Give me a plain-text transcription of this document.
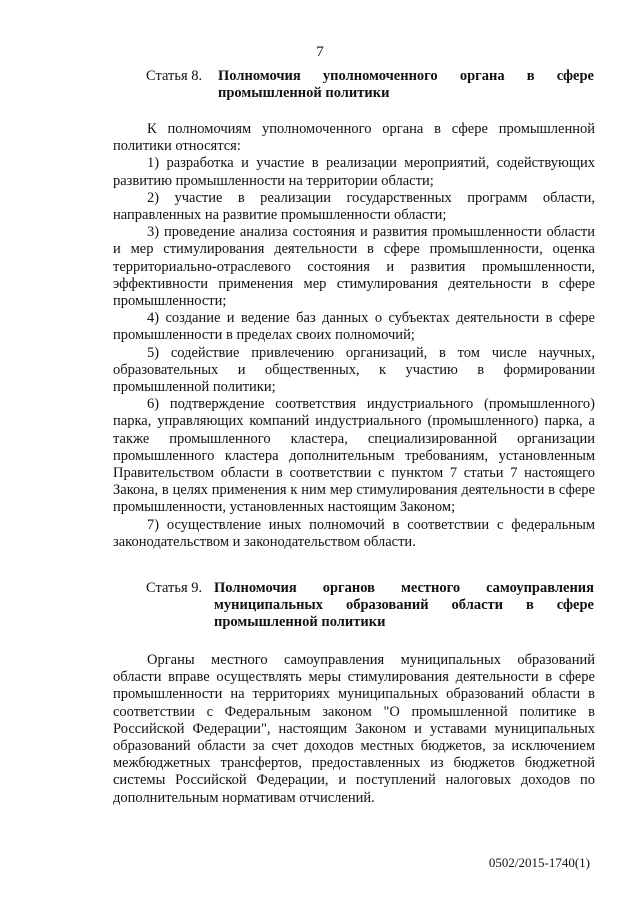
7
Статья 8. Полномочия уполномоченного органа в сфере промышленной политики

К полномочиям уполномоченного органа в сфере промышленной политики относятся:

1) разработка и участие в реализации мероприятий, содействующих развитию промышленности на территории области;

2) участие в реализации государственных программ области, направленных на развитие промышленности области;

3) проведение анализа состояния и развития промышленности области и мер стимулирования деятельности в сфере промышленности, оценка территориально-отраслевого состояния и развития промышленности, эффективности применения мер стимулирования деятельности в сфере промышленности;

4) создание и ведение баз данных о субъектах деятельности в сфере промышленности в пределах своих полномочий;

5) содействие привлечению организаций, в том числе научных, образовательных и общественных, к участию в формировании промышленной политики;

6) подтверждение соответствия индустриального (промышленного) парка, управляющих компаний индустриального (промышленного) парка, а также промышленного кластера, специализированной организации промышленного кластера дополнительным требованиям, установленным Правительством области в соответствии с пунктом 7 статьи 7 настоящего Закона, в целях применения к ним мер стимулирования деятельности в сфере промышленности, установленных настоящим Законом;

7) осуществление иных полномочий в соответствии с федеральным законодательством и законодательством области.

Статья 9. Полномочия органов местного самоуправления муниципальных образований области в сфере промышленной политики

Органы местного самоуправления муниципальных образований области вправе осуществлять меры стимулирования деятельности в сфере промышленности на территориях муниципальных образований области в соответствии с Федеральным законом "О промышленной политике в Российской Федерации", настоящим Законом и уставами муниципальных образований области за счет доходов местных бюджетов, за исключением межбюджетных трансфертов, предоставленных из бюджетов бюджетной системы Российской Федерации, и поступлений налоговых доходов по дополнительным нормативам отчислений.

0502/2015-1740(1)
